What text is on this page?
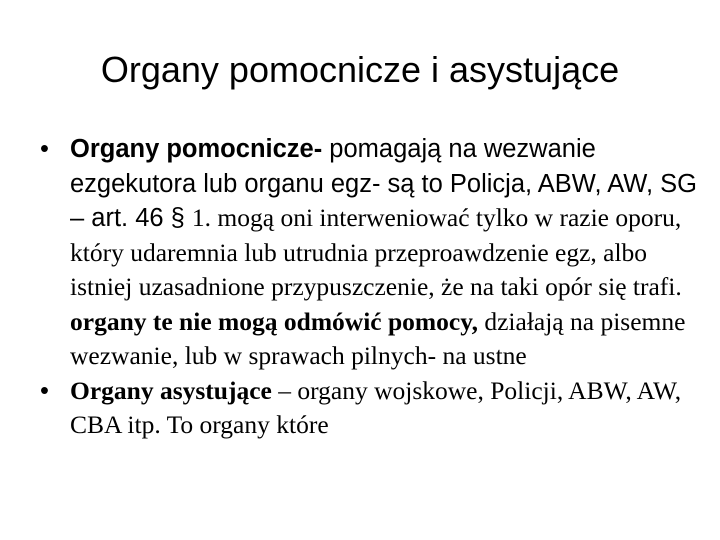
Organy pomocnicze i asystujące
• Organy pomocnicze- pomagają na wezwanie ezgekutora lub organu egz- są to Policja, ABW, AW, SG – art. 46 § 1. mogą oni interweniować tylko w razie oporu, który udaremnia lub utrudnia przeproawdzenie egz, albo istniej uzasadnione przypuszczenie, że na taki opór się trafi. organy te nie mogą odmówić pomocy, działają na pisemne wezwanie, lub w sprawach pilnych- na ustne
• Organy asystujące – organy wojskowe, Policji, ABW, AW, CBA itp. To organy które
